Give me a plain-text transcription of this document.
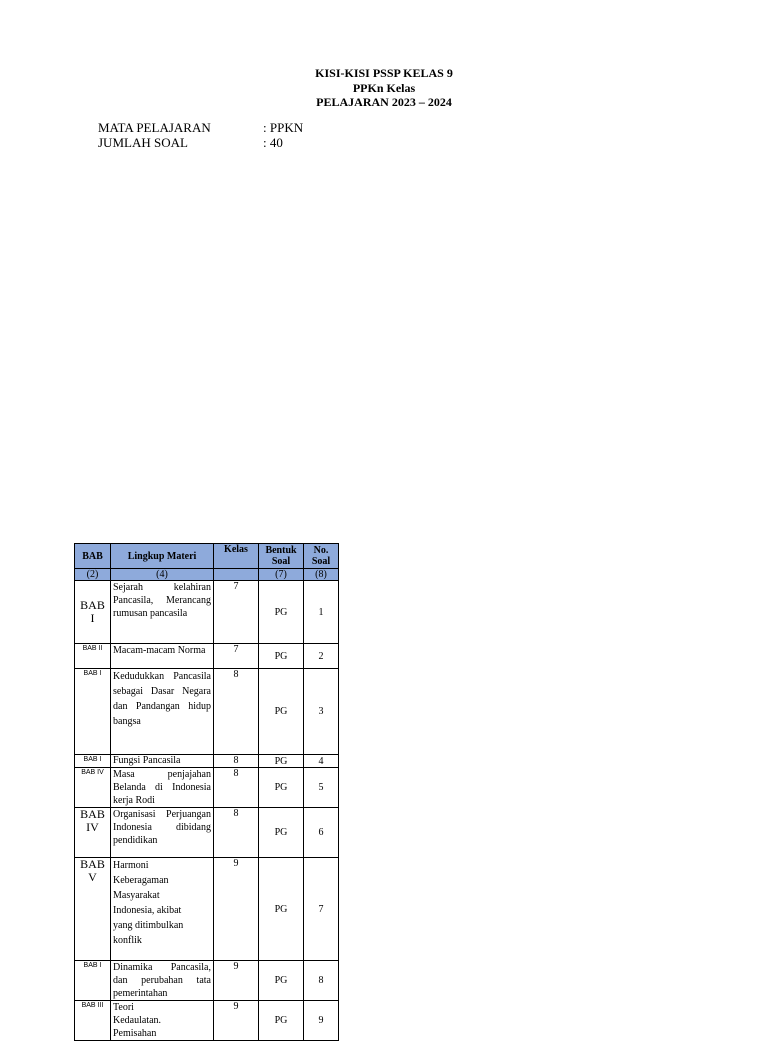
KISI-KISI PSSP KELAS 9
PPKn Kelas
PELAJARAN 2023 – 2024
MATA PELAJARAN	: PPKN
JUMLAH SOAL	: 40
BAB	Lingkup Materi	Kelas	Bentuk Soal	No. Soal
(2)	(4)		(7)	(8)
BAB I	Sejarah kelahiran Pancasila, Merancang rumusan pancasila	7	PG	1
BAB II	Macam-macam Norma	7	PG	2
BAB I	Kedudukkan Pancasila sebagai Dasar Negara dan Pandangan hidup bangsa	8	PG	3
BAB I	Fungsi Pancasila	8	PG	4
BAB IV	Masa penjajahan Belanda di Indonesia kerja Rodi	8	PG	5
BAB IV	Organisasi Perjuangan Indonesia dibidang pendidikan	8	PG	6
BAB V	Harmoni Keberagaman Masyarakat Indonesia, akibat yang ditimbulkan konflik	9	PG	7
BAB I	Dinamika Pancasila, dan perubahan tata pemerintahan	9	PG	8
BAB III	Teori Kedaulatan. Pemisahan	9	PG	9
